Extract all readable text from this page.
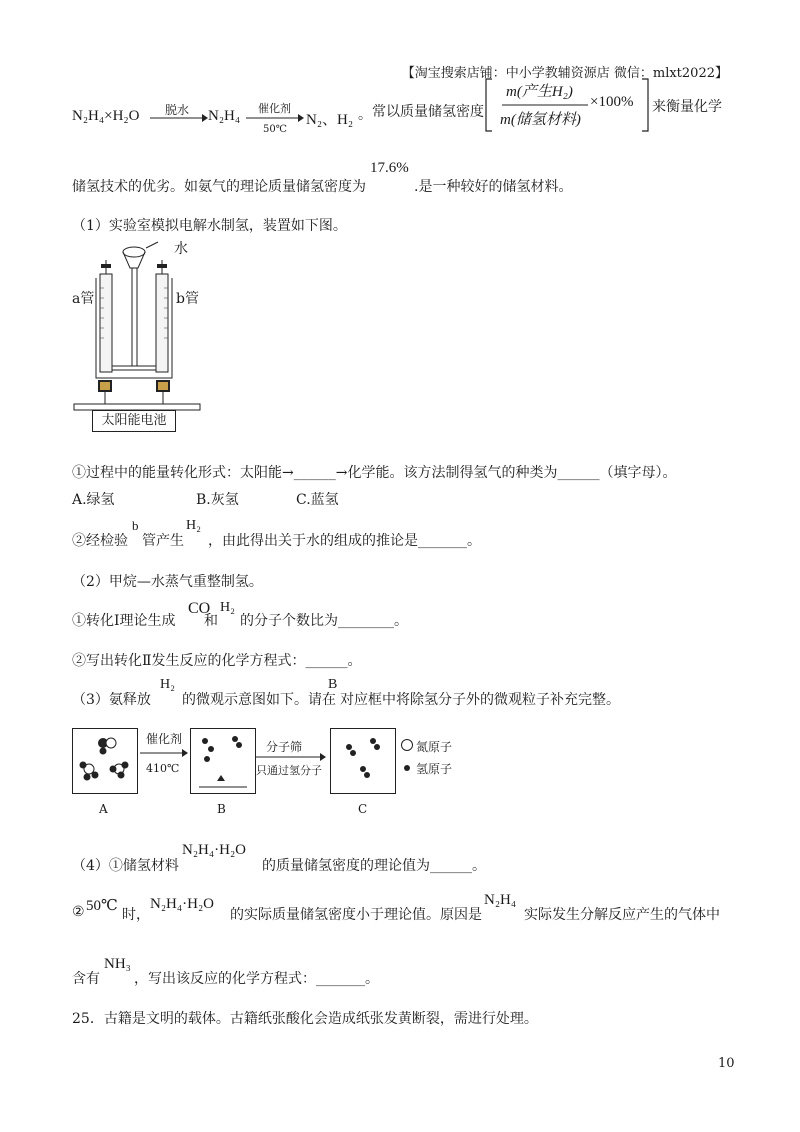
【淘宝搜索店铺：中小学教辅资源店 微信：mlxt2022】
N₂H₄×H₂O 脱水 N₂H₄ 催化剂
50℃
N₂、H₂ 。 常以质量储氢密度
m(产生H₂)
m(储氢材料)
×100% 来衡量化学
储氢技术的优劣。如氨气的理论质量储氢密度为
17.6%
.是一种较好的储氢材料。
（1）实验室模拟电解水制氢，装置如下图。
水
a管	b管
太阳能电池
①过程中的能量转化形式：太阳能→______→化学能。该方法制得氢气的种类为______（填字母）。
A.绿氢	B.灰氢	C.蓝氢
②经检验
b
管产生
H₂
，由此得出关于水的组成的推论是_______。
（2）甲烷—水蒸气重整制氢。
①转化Ⅰ理论生成
CO
和
H₂
的分子个数比为________。
②写出转化Ⅱ发生反应的化学方程式：______。
（3）氨释放
H₂
的微观示意图如下。请在
B
对应框中将除氢分子外的微观粒子补充完整。
A
催化剂
410℃
B
分子筛
只通过氢分子
C
氮原子
氢原子
（4）①储氢材料
N₂H₄·H₂O
的质量储氢密度的理论值为______。
② 50℃
时，
N₂H₄·H₂O
的实际质量储氢密度小于理论值。原因是
N₂H₄
实际发生分解反应产生的气体中
含有
NH₃
，写出该反应的化学方程式：_______。
25．古籍是文明的载体。古籍纸张酸化会造成纸张发黄断裂，需进行处理。
10
